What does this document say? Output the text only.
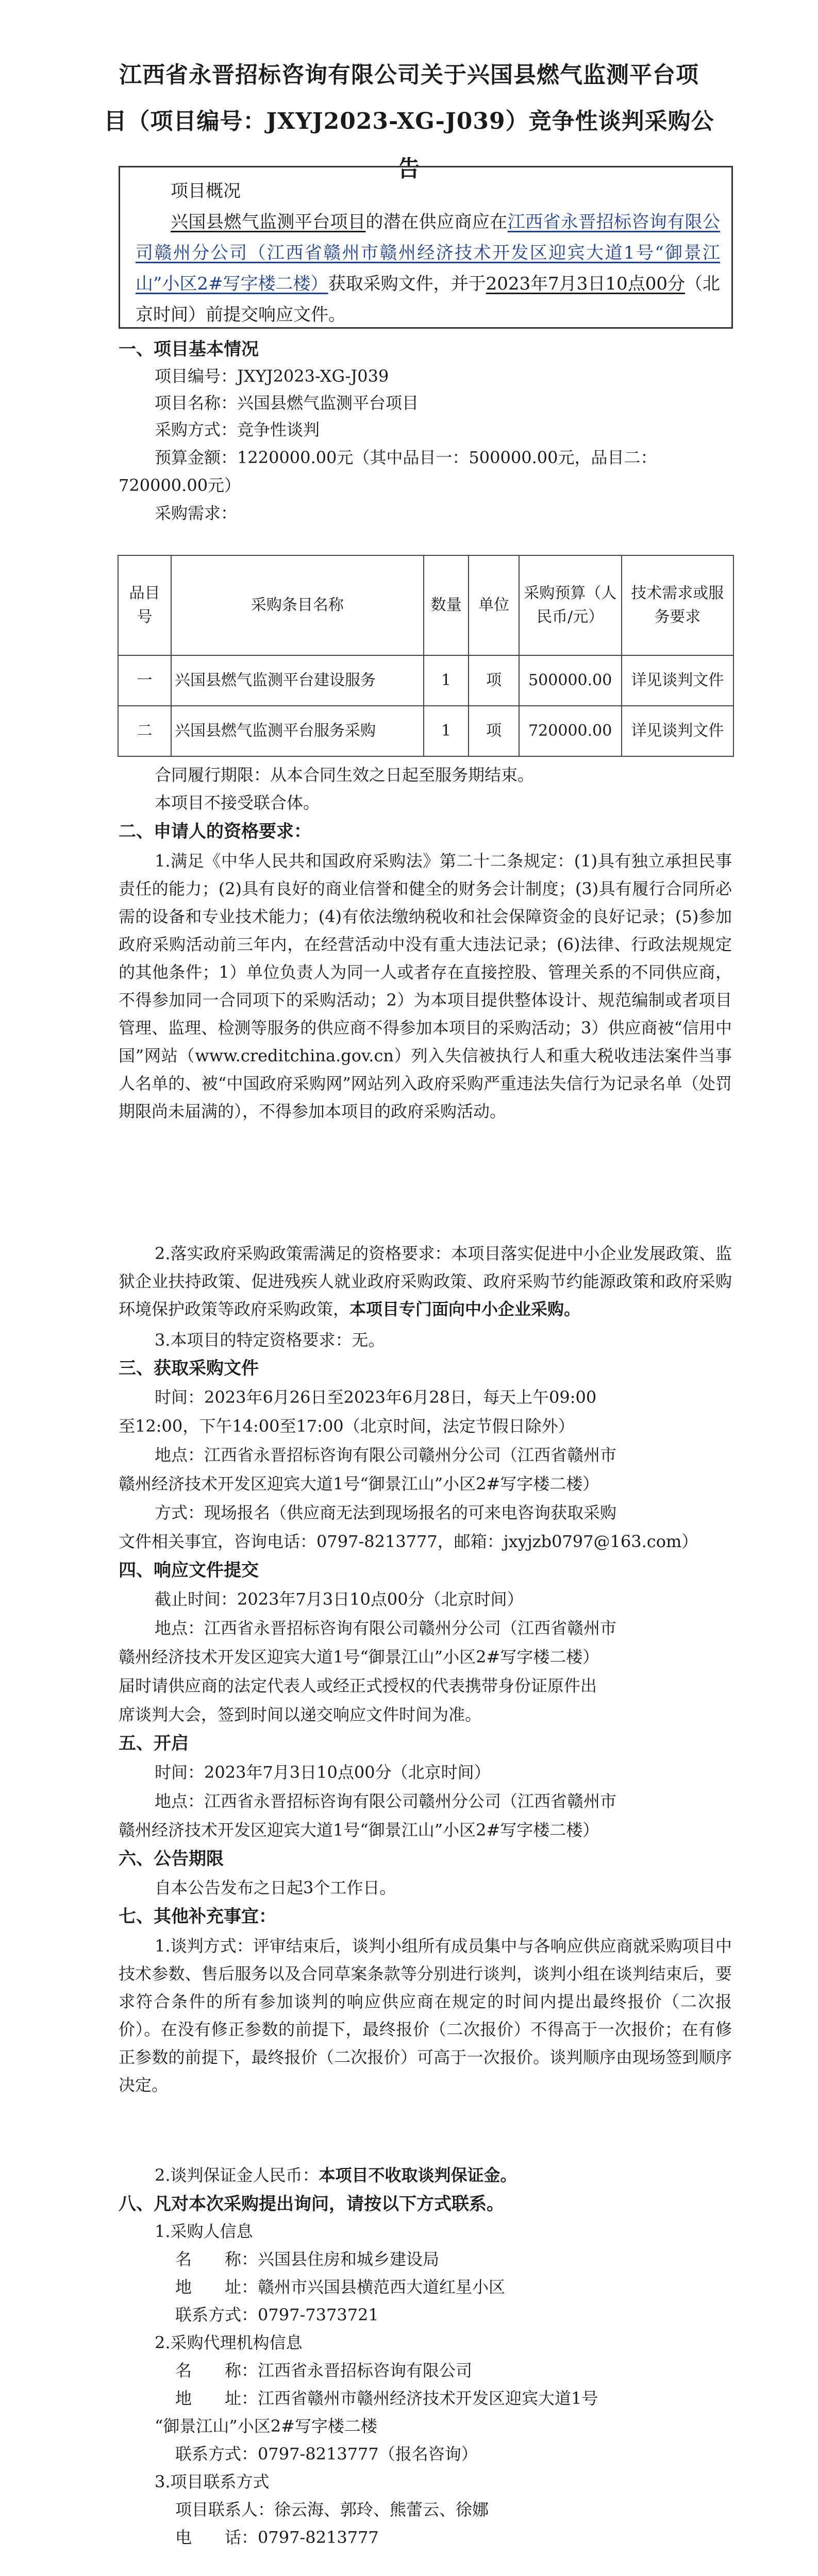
江西省永晋招标咨询有限公司关于兴国县燃气监测平台项
目（项目编号：JXYJ2023-XG-J039）竞争性谈判采购公告

项目概况

兴国县燃气监测平台项目的潜在供应商应在江西省永晋招标咨询有限公司赣州分公司（江西省赣州市赣州经济技术开发区迎宾大道1号“御景江山”小区2#写字楼二楼）获取采购文件，并于2023年7月3日10点00分（北京时间）前提交响应文件。

一、项目基本情况
项目编号：JXYJ2023-XG-J039
项目名称：兴国县燃气监测平台项目
采购方式：竞争性谈判
预算金额：1220000.00元（其中品目一：500000.00元，品目二：
720000.00元）
采购需求：
品目号	采购条目名称	数量	单位	采购预算（人民币/元）	技术需求或服务要求
一	兴国县燃气监测平台建设服务	1	项	500000.00	详见谈判文件
二	兴国县燃气监测平台服务采购	1	项	720000.00	详见谈判文件
合同履行期限：从本合同生效之日起至服务期结束。
本项目不接受联合体。
二、申请人的资格要求：
1.满足《中华人民共和国政府采购法》第二十二条规定：(1)具有独立承担民事责任的能力；(2)具有良好的商业信誉和健全的财务会计制度；(3)具有履行合同所必需的设备和专业技术能力；(4)有依法缴纳税收和社会保障资金的良好记录；(5)参加政府采购活动前三年内，在经营活动中没有重大违法记录；(6)法律、行政法规规定的其他条件；1）单位负责人为同一人或者存在直接控股、管理关系的不同供应商，不得参加同一合同项下的采购活动；2）为本项目提供整体设计、规范编制或者项目管理、监理、检测等服务的供应商不得参加本项目的采购活动；3）供应商被“信用中国”网站（www.creditchina.gov.cn）列入失信被执行人和重大税收违法案件当事人名单的、被“中国政府采购网”网站列入政府采购严重违法失信行为记录名单（处罚期限尚未届满的），不得参加本项目的政府采购活动。
2.落实政府采购政策需满足的资格要求：本项目落实促进中小企业发展政策、监狱企业扶持政策、促进残疾人就业政府采购政策、政府采购节约能源政策和政府采购环境保护政策等政府采购政策，本项目专门面向中小企业采购。
3.本项目的特定资格要求：无。
三、获取采购文件
时间：2023年6月26日至2023年6月28日，每天上午09:00
至12:00，下午14:00至17:00（北京时间，法定节假日除外）
地点：江西省永晋招标咨询有限公司赣州分公司（江西省赣州市
赣州经济技术开发区迎宾大道1号“御景江山”小区2#写字楼二楼）
方式：现场报名（供应商无法到现场报名的可来电咨询获取采购
文件相关事宜，咨询电话：0797-8213777，邮箱：jxyjzb0797@163.com）
四、响应文件提交
截止时间：2023年7月3日10点00分（北京时间）
地点：江西省永晋招标咨询有限公司赣州分公司（江西省赣州市
赣州经济技术开发区迎宾大道1号“御景江山”小区2#写字楼二楼）
届时请供应商的法定代表人或经正式授权的代表携带身份证原件出
席谈判大会，签到时间以递交响应文件时间为准。
五、开启
时间：2023年7月3日10点00分（北京时间）
地点：江西省永晋招标咨询有限公司赣州分公司（江西省赣州市
赣州经济技术开发区迎宾大道1号“御景江山”小区2#写字楼二楼）
六、公告期限
自本公告发布之日起3个工作日。
七、其他补充事宜：
1.谈判方式：评审结束后，谈判小组所有成员集中与各响应供应商就采购项目中技术参数、售后服务以及合同草案条款等分别进行谈判，谈判小组在谈判结束后，要求符合条件的所有参加谈判的响应供应商在规定的时间内提出最终报价（二次报价）。在没有修正参数的前提下，最终报价（二次报价）不得高于一次报价；在有修正参数的前提下，最终报价（二次报价）可高于一次报价。谈判顺序由现场签到顺序决定。
2.谈判保证金人民币：本项目不收取谈判保证金。
八、凡对本次采购提出询问，请按以下方式联系。
1.采购人信息
名　　称：兴国县住房和城乡建设局
地　　址：赣州市兴国县横范西大道红星小区
联系方式：0797-7373721
2.采购代理机构信息
名　　称：江西省永晋招标咨询有限公司
地　　址：江西省赣州市赣州经济技术开发区迎宾大道1号
“御景江山”小区2#写字楼二楼
联系方式：0797-8213777（报名咨询）
3.项目联系方式
项目联系人：徐云海、郭玲、熊蕾云、徐娜
电　　话：0797-8213777
